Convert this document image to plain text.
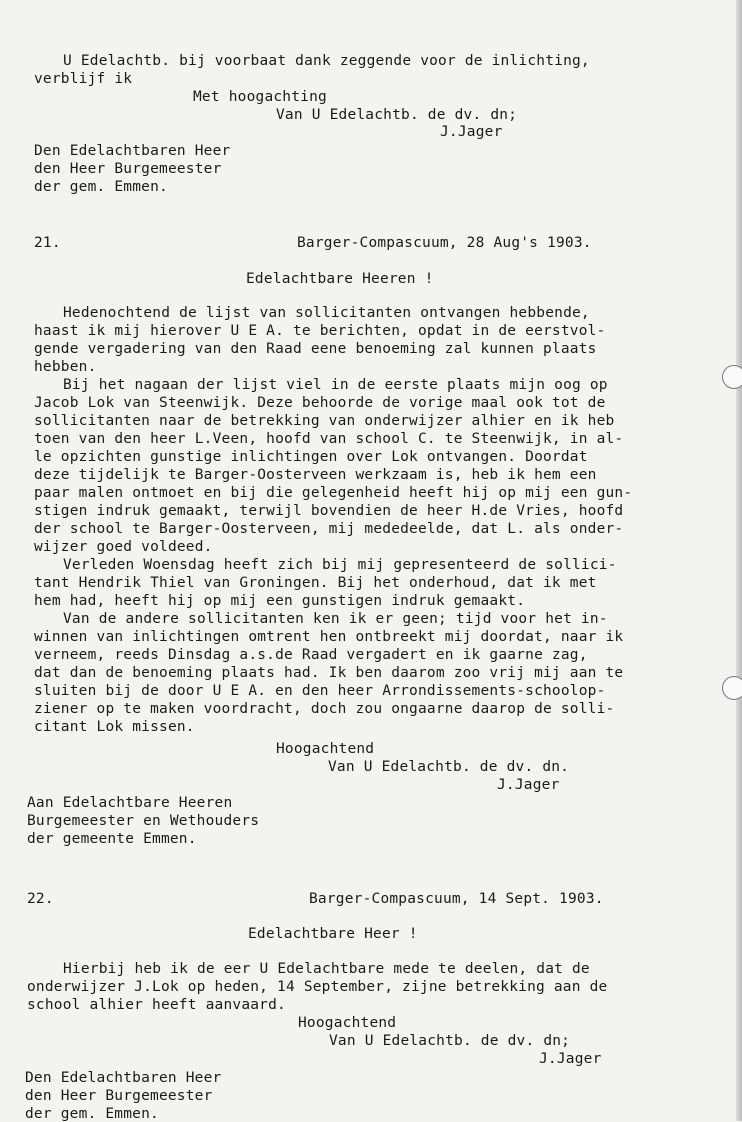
U Edelachtb. bij voorbaat dank zeggende voor de inlichting,
verblijf ik
Met hoogachting
Van U Edelachtb. de dv. dn;
J.Jager
Den Edelachtbaren Heer
den Heer Burgemeester
der gem. Emmen.
21.	Barger-Compascuum, 28 Aug's 1903.
Edelachtbare Heeren !
Hedenochtend de lijst van sollicitanten ontvangen hebbende,
haast ik mij hierover U E A. te berichten, opdat in de eerstvol-
gende vergadering van den Raad eene benoeming zal kunnen plaats
hebben.
Bij het nagaan der lijst viel in de eerste plaats mijn oog op
Jacob Lok van Steenwijk. Deze behoorde de vorige maal ook tot de
sollicitanten naar de betrekking van onderwijzer alhier en ik heb
toen van den heer L.Veen, hoofd van school C. te Steenwijk, in al-
le opzichten gunstige inlichtingen over Lok ontvangen. Doordat
deze tijdelijk te Barger-Oosterveen werkzaam is, heb ik hem een
paar malen ontmoet en bij die gelegenheid heeft hij op mij een gun-
stigen indruk gemaakt, terwijl bovendien de heer H.de Vries, hoofd
der school te Barger-Oosterveen, mij mededeelde, dat L. als onder-
wijzer goed voldeed.
Verleden Woensdag heeft zich bij mij gepresenteerd de sollici-
tant Hendrik Thiel van Groningen. Bij het onderhoud, dat ik met
hem had, heeft hij op mij een gunstigen indruk gemaakt.
Van de andere sollicitanten ken ik er geen; tijd voor het in-
winnen van inlichtingen omtrent hen ontbreekt mij doordat, naar ik
verneem, reeds Dinsdag a.s.de Raad vergadert en ik gaarne zag,
dat dan de benoeming plaats had. Ik ben daarom zoo vrij mij aan te
sluiten bij de door U E A. en den heer Arrondissements-schoolop-
ziener op te maken voordracht, doch zou ongaarne daarop de solli-
citant Lok missen.
Hoogachtend
Van U Edelachtb. de dv. dn.
J.Jager
Aan Edelachtbare Heeren
Burgemeester en Wethouders
der gemeente Emmen.
22.	Barger-Compascuum, 14 Sept. 1903.
Edelachtbare Heer !
Hierbij heb ik de eer U Edelachtbare mede te deelen, dat de
onderwijzer J.Lok op heden, 14 September, zijne betrekking aan de
school alhier heeft aanvaard.
Hoogachtend
Van U Edelachtb. de dv. dn;
J.Jager
Den Edelachtbaren Heer
den Heer Burgemeester
der gem. Emmen.
